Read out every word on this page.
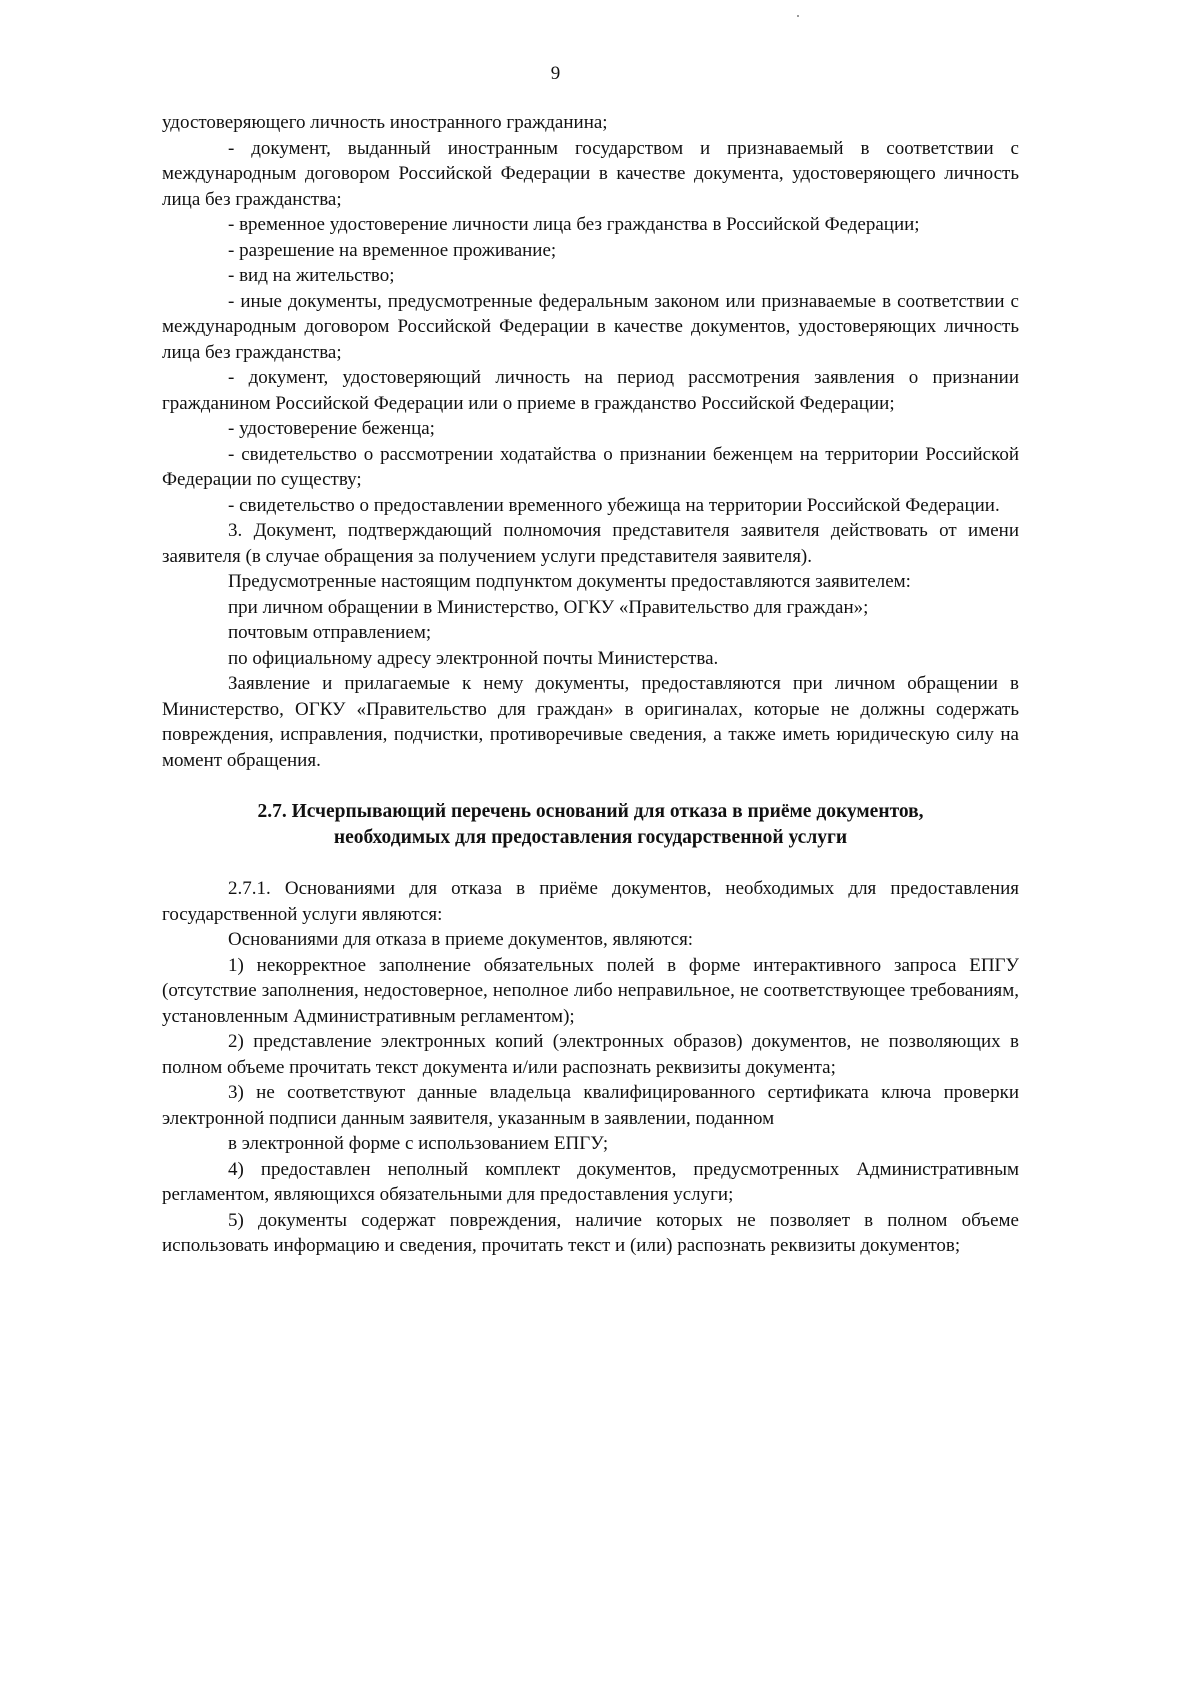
9

удостоверяющего личность иностранного гражданина;

- документ, выданный иностранным государством и признаваемый в соответствии с международным договором Российской Федерации в качестве документа, удостоверяющего личность лица без гражданства;

- временное удостоверение личности лица без гражданства в Российской Федерации;

- разрешение на временное проживание;

- вид на жительство;

- иные документы, предусмотренные федеральным законом или признаваемые в соответствии с международным договором Российской Федерации в качестве документов, удостоверяющих личность лица без гражданства;

- документ, удостоверяющий личность на период рассмотрения заявления о признании гражданином Российской Федерации или о приеме в гражданство Российской Федерации;

- удостоверение беженца;

- свидетельство о рассмотрении ходатайства о признании беженцем на территории Российской Федерации по существу;

- свидетельство о предоставлении временного убежища на территории Российской Федерации.

3. Документ, подтверждающий полномочия представителя заявителя действовать от имени заявителя (в случае обращения за получением услуги представителя заявителя).

Предусмотренные настоящим подпунктом документы предоставляются заявителем:

при личном обращении в Министерство, ОГКУ «Правительство для граждан»;

почтовым отправлением;

по официальному адресу электронной почты Министерства.

Заявление и прилагаемые к нему документы, предоставляются при личном обращении в Министерство, ОГКУ «Правительство для граждан» в оригиналах, которые не должны содержать повреждения, исправления, подчистки, противоречивые сведения, а также иметь юридическую силу на момент обращения.

2.7. Исчерпывающий перечень оснований для отказа в приёме документов,
необходимых для предоставления государственной услуги

2.7.1. Основаниями для отказа в приёме документов, необходимых для предоставления государственной услуги являются:

Основаниями для отказа в приеме документов, являются:

1) некорректное заполнение обязательных полей в форме интерактивного запроса ЕПГУ (отсутствие заполнения, недостоверное, неполное либо неправильное, не соответствующее требованиям, установленным Административным регламентом);

2) представление электронных копий (электронных образов) документов, не позволяющих в полном объеме прочитать текст документа и/или распознать реквизиты документа;

3) не соответствуют данные владельца квалифицированного сертификата ключа проверки электронной подписи данным заявителя, указанным в заявлении, поданном

в электронной форме с использованием ЕПГУ;

4) предоставлен неполный комплект документов, предусмотренных Административным регламентом, являющихся обязательными для предоставления услуги;

5) документы содержат повреждения, наличие которых не позволяет в полном объеме использовать информацию и сведения, прочитать текст и (или) распознать реквизиты документов;
